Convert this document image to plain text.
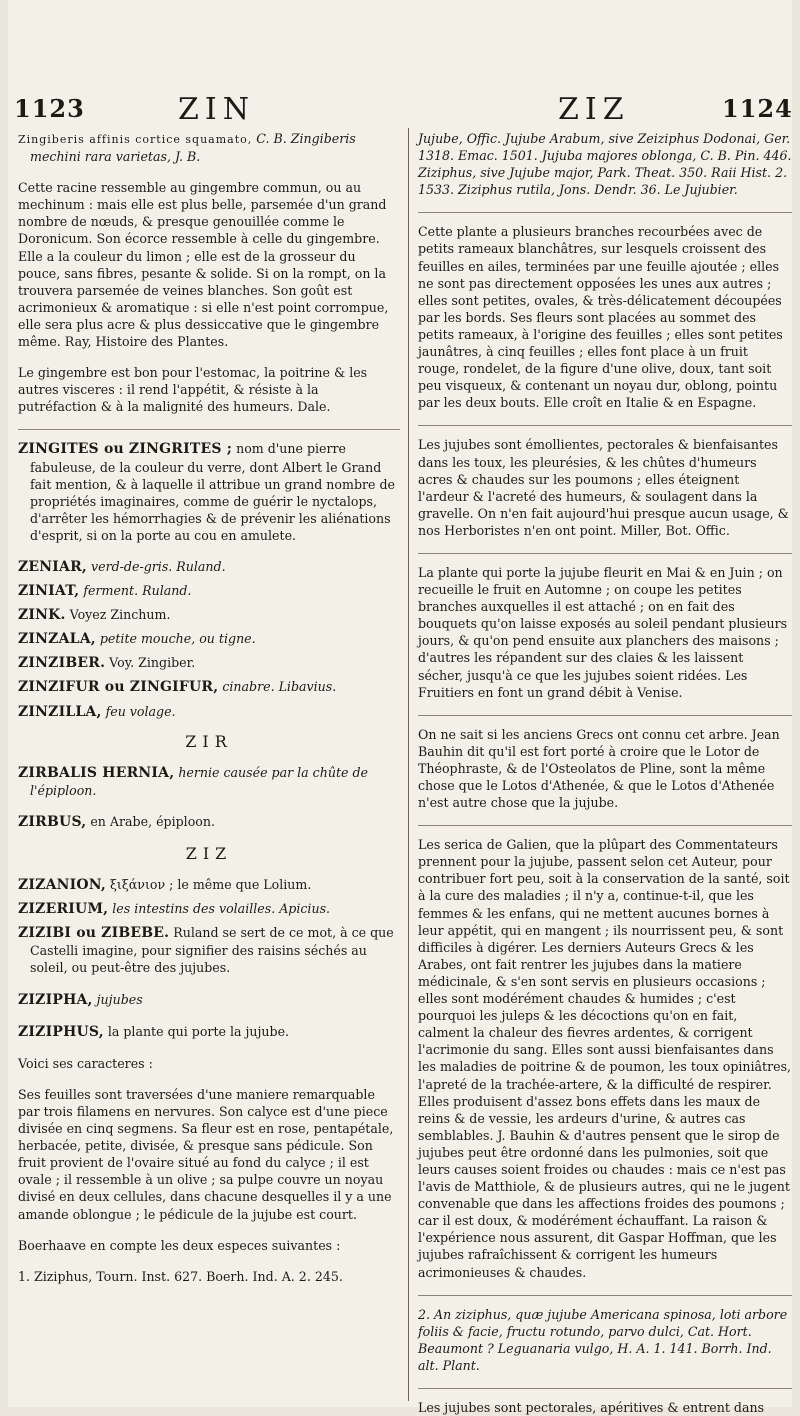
1123	ZIN	ZIZ	1124

Zingiberis affinis cortice squamato, C. B. Zingiberis mechini rara varietas, J. B.

Cette racine ressemble au gingembre commun, ou au mechinum : mais elle est plus belle, parsemée d'un grand nombre de nœuds, & presque genouillée comme le Doronicum. Son écorce ressemble à celle du gingembre. Elle a la couleur du limon ; elle est de la grosseur du pouce, sans fibres, pesante & solide. Si on la rompt, on la trouvera parsemée de veines blanches. Son goût est acrimonieux & aromatique : si elle n'est point corrompue, elle sera plus acre & plus dessiccative que le gingembre même. Ray, Histoire des Plantes.

Le gingembre est bon pour l'estomac, la poitrine & les autres visceres : il rend l'appétit, & résiste à la putréfaction & à la malignité des humeurs. Dale.

ZINGITES ou ZINGRITES ; nom d'une pierre fabuleuse, de la couleur du verre, dont Albert le Grand fait mention, & à laquelle il attribue un grand nombre de propriétés imaginaires, comme de guérir le nyctalops, d'arrêter les hémorrhagies & de prévenir les aliénations d'esprit, si on la porte au cou en amulete.

ZENIAR, verd-de-gris. Ruland.

ZINIAT, ferment. Ruland.

ZINK. Voyez Zinchum.

ZINZALA, petite mouche, ou tigne.

ZINZIBER. Voy. Zingiber.

ZINZIFUR ou ZINGIFUR, cinabre. Libavius.

ZINZILLA, feu volage.

ZIR

ZIRBALIS HERNIA, hernie causée par la chûte de l'épiploon.

ZIRBUS, en Arabe, épiploon.

ZIZ

ZIZANION, ξιξάνιον ; le même que Lolium.

ZIZERIUM, les intestins des volailles. Apicius.

ZIZIBI ou ZIBEBE. Ruland se sert de ce mot, à ce que Castelli imagine, pour signifier des raisins séchés au soleil, ou peut-être des jujubes.

ZIZIPHA, jujubes

ZIZIPHUS, la plante qui porte la jujube.

Voici ses caracteres :

Ses feuilles sont traversées d'une maniere remarquable par trois filamens en nervures. Son calyce est d'une piece divisée en cinq segmens. Sa fleur est en rose, pentapétale, herbacée, petite, divisée, & presque sans pédicule. Son fruit provient de l'ovaire situé au fond du calyce ; il est ovale ; il ressemble à un olive ; sa pulpe couvre un noyau divisé en deux cellules, dans chacune desquelles il y a une amande oblongue ; le pédicule de la jujube est court.

Boerhaave en compte les deux especes suivantes :

1. Ziziphus, Tourn. Inst. 627. Boerh. Ind. A. 2. 245.

Jujube, Offic. Jujube Arabum, sive Zeiziphus Dodonai, Ger. 1318. Emac. 1501. Jujuba majores oblonga, C. B. Pin. 446. Ziziphus, sive Jujube major, Park. Theat. 350. Raii Hist. 2. 1533. Ziziphus rutila, Jons. Dendr. 36. Le Jujubier.

Cette plante a plusieurs branches recourbées avec de petits rameaux blanchâtres, sur lesquels croissent des feuilles en ailes, terminées par une feuille ajoutée ; elles ne sont pas directement opposées les unes aux autres ; elles sont petites, ovales, & très-délicatement découpées par les bords. Ses fleurs sont placées au sommet des petits rameaux, à l'origine des feuilles ; elles sont petites jaunâtres, à cinq feuilles ; elles font place à un fruit rouge, rondelet, de la figure d'une olive, doux, tant soit peu visqueux, & contenant un noyau dur, oblong, pointu par les deux bouts. Elle croît en Italie & en Espagne.

Les jujubes sont émollientes, pectorales & bienfaisantes dans les toux, les pleurésies, & les chûtes d'humeurs acres & chaudes sur les poumons ; elles éteignent l'ardeur & l'acreté des humeurs, & soulagent dans la gravelle. On n'en fait aujourd'hui presque aucun usage, & nos Herboristes n'en ont point. Miller, Bot. Offic.

La plante qui porte la jujube fleurit en Mai & en Juin ; on recueille le fruit en Automne ; on coupe les petites branches auxquelles il est attaché ; on en fait des bouquets qu'on laisse exposés au soleil pendant plusieurs jours, & qu'on pend ensuite aux planchers des maisons ; d'autres les répandent sur des claies & les laissent sécher, jusqu'à ce que les jujubes soient ridées. Les Fruitiers en font un grand débit à Venise.

On ne sait si les anciens Grecs ont connu cet arbre. Jean Bauhin dit qu'il est fort porté à croire que le Lotor de Théophraste, & de l'Osteolatos de Pline, sont la même chose que le Lotos d'Athenée, & que le Lotos d'Athenée n'est autre chose que la jujube.

Les serica de Galien, que la plûpart des Commentateurs prennent pour la jujube, passent selon cet Auteur, pour contribuer fort peu, soit à la conservation de la santé, soit à la cure des maladies ; il n'y a, continue-t-il, que les femmes & les enfans, qui ne mettent aucunes bornes à leur appétit, qui en mangent ; ils nourrissent peu, & sont difficiles à digérer. Les derniers Auteurs Grecs & les Arabes, ont fait rentrer les jujubes dans la matiere médicinale, & s'en sont servis en plusieurs occasions ; elles sont modérément chaudes & humides ; c'est pourquoi les juleps & les décoctions qu'on en fait, calment la chaleur des fievres ardentes, & corrigent l'acrimonie du sang. Elles sont aussi bienfaisantes dans les maladies de poitrine & de poumon, les toux opiniâtres, l'apreté de la trachée-artere, & la difficulté de respirer. Elles produisent d'assez bons effets dans les maux de reins & de vessie, les ardeurs d'urine, & autres cas semblables. J. Bauhin & d'autres pensent que le sirop de jujubes peut être ordonné dans les pulmonies, soit que leurs causes soient froides ou chaudes : mais ce n'est pas l'avis de Matthiole, & de plusieurs autres, qui ne le jugent convenable que dans les affections froides des poumons ; car il est doux, & modérément échauffant. La raison & l'expérience nous assurent, dit Gaspar Hoffman, que les jujubes rafraîchissent & corrigent les humeurs acrimonieuses & chaudes.

2. An ziziphus, quæ jujube Americana spinosa, loti arbore foliis & facie, fructu rotundo, parvo dulci, Cat. Hort. Beaumont ? Leguanaria vulgo, H. A. 1. 141. Borrh. Ind. alt. Plant.

Les jujubes sont pectorales, apéritives & entrent dans
